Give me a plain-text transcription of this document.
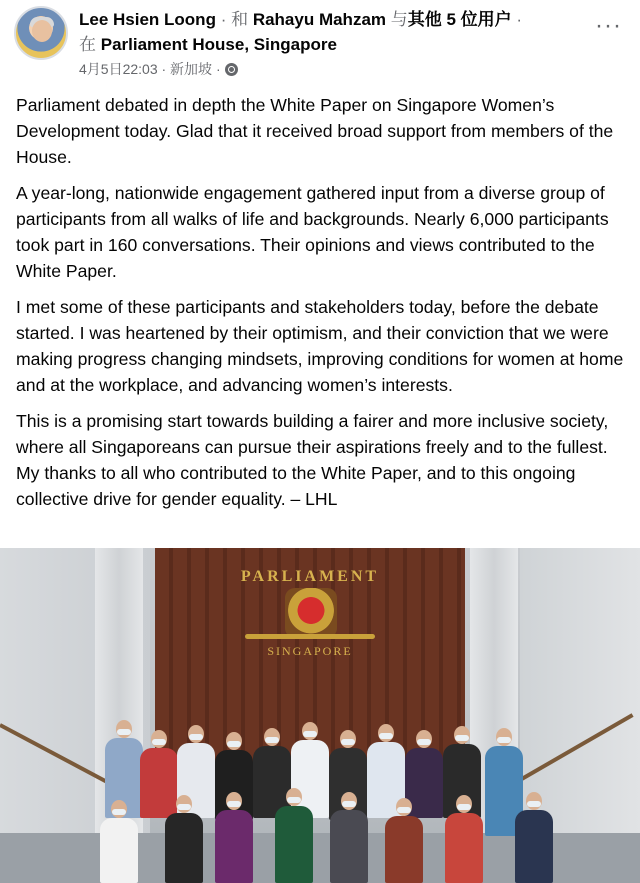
Lee Hsien Loong · 和 Rahayu Mahzam 与其他 5 位用户 ·
在 Parliament House, Singapore
4月5日22:03 · 新加坡 ·
···

Parliament debated in depth the White Paper on Singapore Women’s Development today. Glad that it received broad support from members of the House.

A year-long, nationwide engagement gathered input from a diverse group of participants from all walks of life and backgrounds. Nearly 6,000 participants took part in 160 conversations. Their opinions and views contributed to the White Paper.

I met some of these participants and stakeholders today, before the debate started. I was heartened by their optimism, and their conviction that we were making progress changing mindsets, improving conditions for women at home and at the workplace, and advancing women’s interests.

This is a promising start towards building a fairer and more inclusive society, where all Singaporeans can pursue their aspirations freely and to the fullest. My thanks to all who contributed to the White Paper, and to this ongoing collective drive for gender equality. – LHL

PARLIAMENT
SINGAPORE
